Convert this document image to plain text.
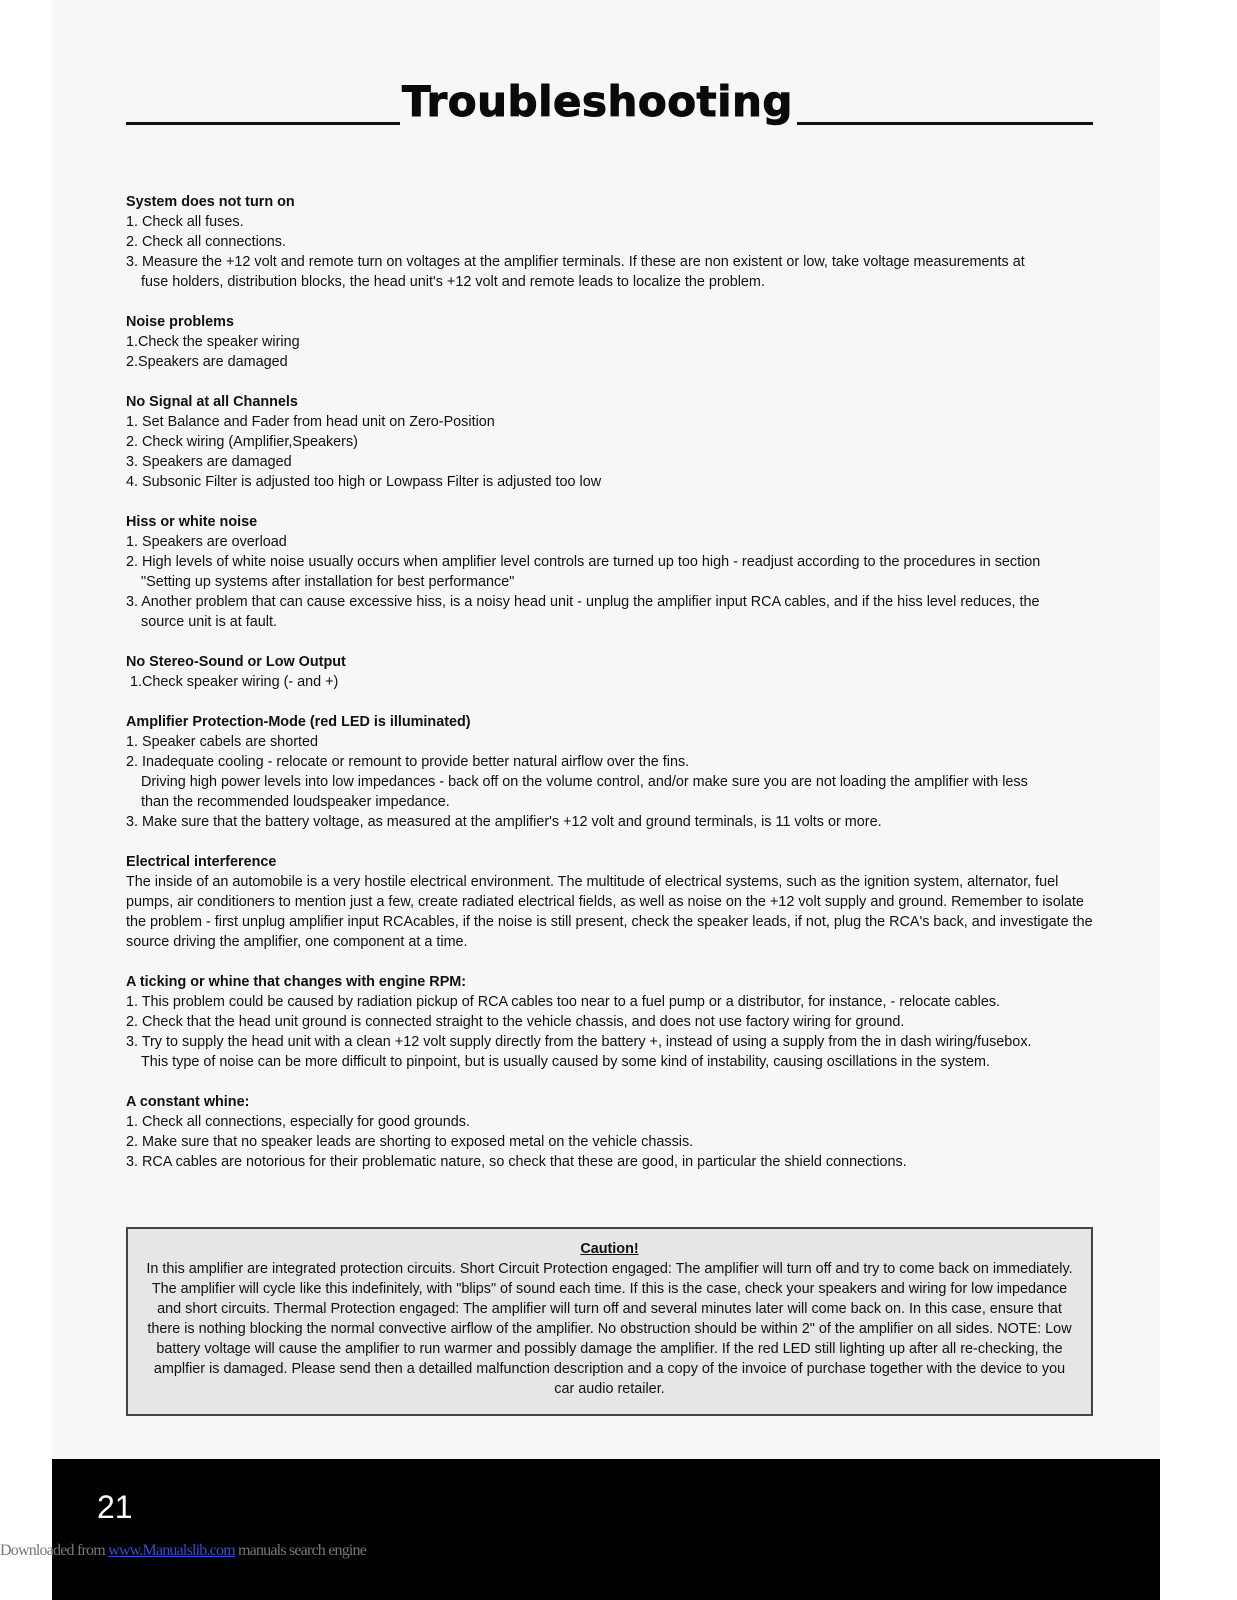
Troubleshooting
System does not turn on

1. Check all fuses.

2. Check all connections.

3. Measure the +12 volt and remote turn on voltages at the amplifier terminals. If these are non existent or low, take voltage measurements at

fuse holders, distribution blocks, the head unit's +12 volt and remote leads to localize the problem.

Noise problems

1.Check the speaker wiring

2.Speakers are damaged

No Signal at all Channels

1. Set Balance and Fader from head unit on Zero-Position

2. Check wiring (Amplifier,Speakers)

3. Speakers are damaged

4. Subsonic Filter is adjusted too high or Lowpass Filter is adjusted too low

Hiss or white noise

1. Speakers are overload

2. High levels of white noise usually occurs when amplifier level controls are turned up too high - readjust according to the procedures in section

"Setting up systems after installation for best performance"

3. Another problem that can cause excessive hiss, is a noisy head unit - unplug the amplifier input RCA cables, and if the hiss level reduces, the

source unit is at fault.

No Stereo-Sound or Low Output

1.Check speaker wiring (- and +)

Amplifier Protection-Mode (red LED is illuminated)

1. Speaker cabels are shorted

2. Inadequate cooling - relocate or remount to provide better natural airflow over the fins.

Driving high power levels into low impedances - back off on the volume control, and/or make sure you are not loading the amplifier with less

than the recommended loudspeaker impedance.

3. Make sure that the battery voltage, as measured at the amplifier's +12 volt and ground terminals, is 11 volts or more.

Electrical interference

The inside of an automobile is a very hostile electrical environment. The multitude of electrical systems, such as the ignition system, alternator, fuel pumps, air conditioners to mention just a few, create radiated electrical fields, as well as noise on the +12 volt supply and ground. Remember to isolate the problem - first unplug amplifier input RCAcables, if the noise is still present, check the speaker leads, if not, plug the RCA's back, and investigate the source driving the amplifier, one component at a time.

A ticking or whine that changes with engine RPM:

1. This problem could be caused by radiation pickup of RCA cables too near to a fuel pump or a distributor, for instance, - relocate cables.

2. Check that the head unit ground is connected straight to the vehicle chassis, and does not use factory wiring for ground.

3. Try to supply the head unit with a clean +12 volt supply directly from the battery +, instead of using a supply from the in dash wiring/fusebox.

This type of noise can be more difficult to pinpoint, but is usually caused by some kind of instability, causing oscillations in the system.

A constant whine:

1. Check all connections, especially for good grounds.

2. Make sure that no speaker leads are shorting to exposed metal on the vehicle chassis.

3. RCA cables are notorious for their problematic nature, so check that these are good, in particular the shield connections.

Caution!
In this amplifier are integrated protection circuits. Short Circuit Protection engaged: The amplifier will turn off and try to come back on immediately. The amplifier will cycle like this indefinitely, with "blips" of sound each time. If this is the case, check your speakers and wiring for low impedance and short circuits. Thermal Protection engaged: The amplifier will turn off and several minutes later will come back on. In this case, ensure that there is nothing blocking the normal convective airflow of the amplifier. No obstruction should be within 2" of the amplifier on all sides. NOTE: Low battery voltage will cause the amplifier to run warmer and possibly damage the amplifier. If the red LED still lighting up after all re-checking, the amplfier is damaged. Please send then a detailled malfunction description and a copy of the invoice of purchase together with the device to you car audio retailer.
21
Downloaded from www.Manualslib.com manuals search engine
